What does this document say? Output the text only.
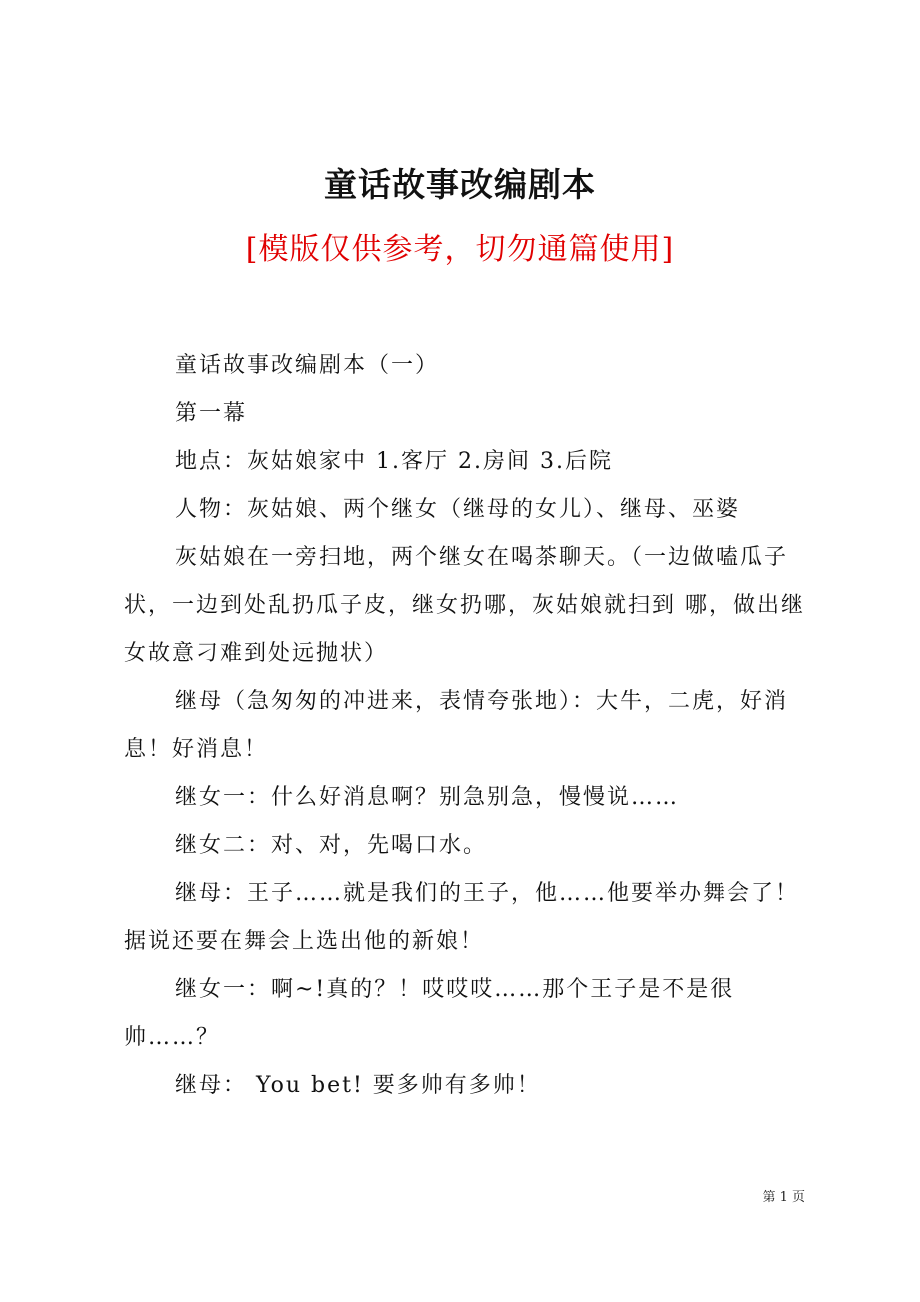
童话故事改编剧本
[模版仅供参考，切勿通篇使用]

童话故事改编剧本（一）

第一幕

地点：灰姑娘家中 1.客厅 2.房间 3.后院

人物：灰姑娘、两个继女（继母的女儿）、继母、巫婆

灰姑娘在一旁扫地，两个继女在喝茶聊天。（一边做嗑瓜子状，一边到处乱扔瓜子皮，继女扔哪，灰姑娘就扫到 哪，做出继女故意刁难到处远抛状）

继母（急匆匆的冲进来，表情夸张地）：大牛，二虎，好消息！好消息！

继女一：什么好消息啊？别急别急，慢慢说……

继女二：对、对，先喝口水。

继母：王子……就是我们的王子，他……他要举办舞会了！据说还要在舞会上选出他的新娘！

继女一：啊~!真的？！哎哎哎……那个王子是不是很帅……？

继母： You bet! 要多帅有多帅！

第 1 页
